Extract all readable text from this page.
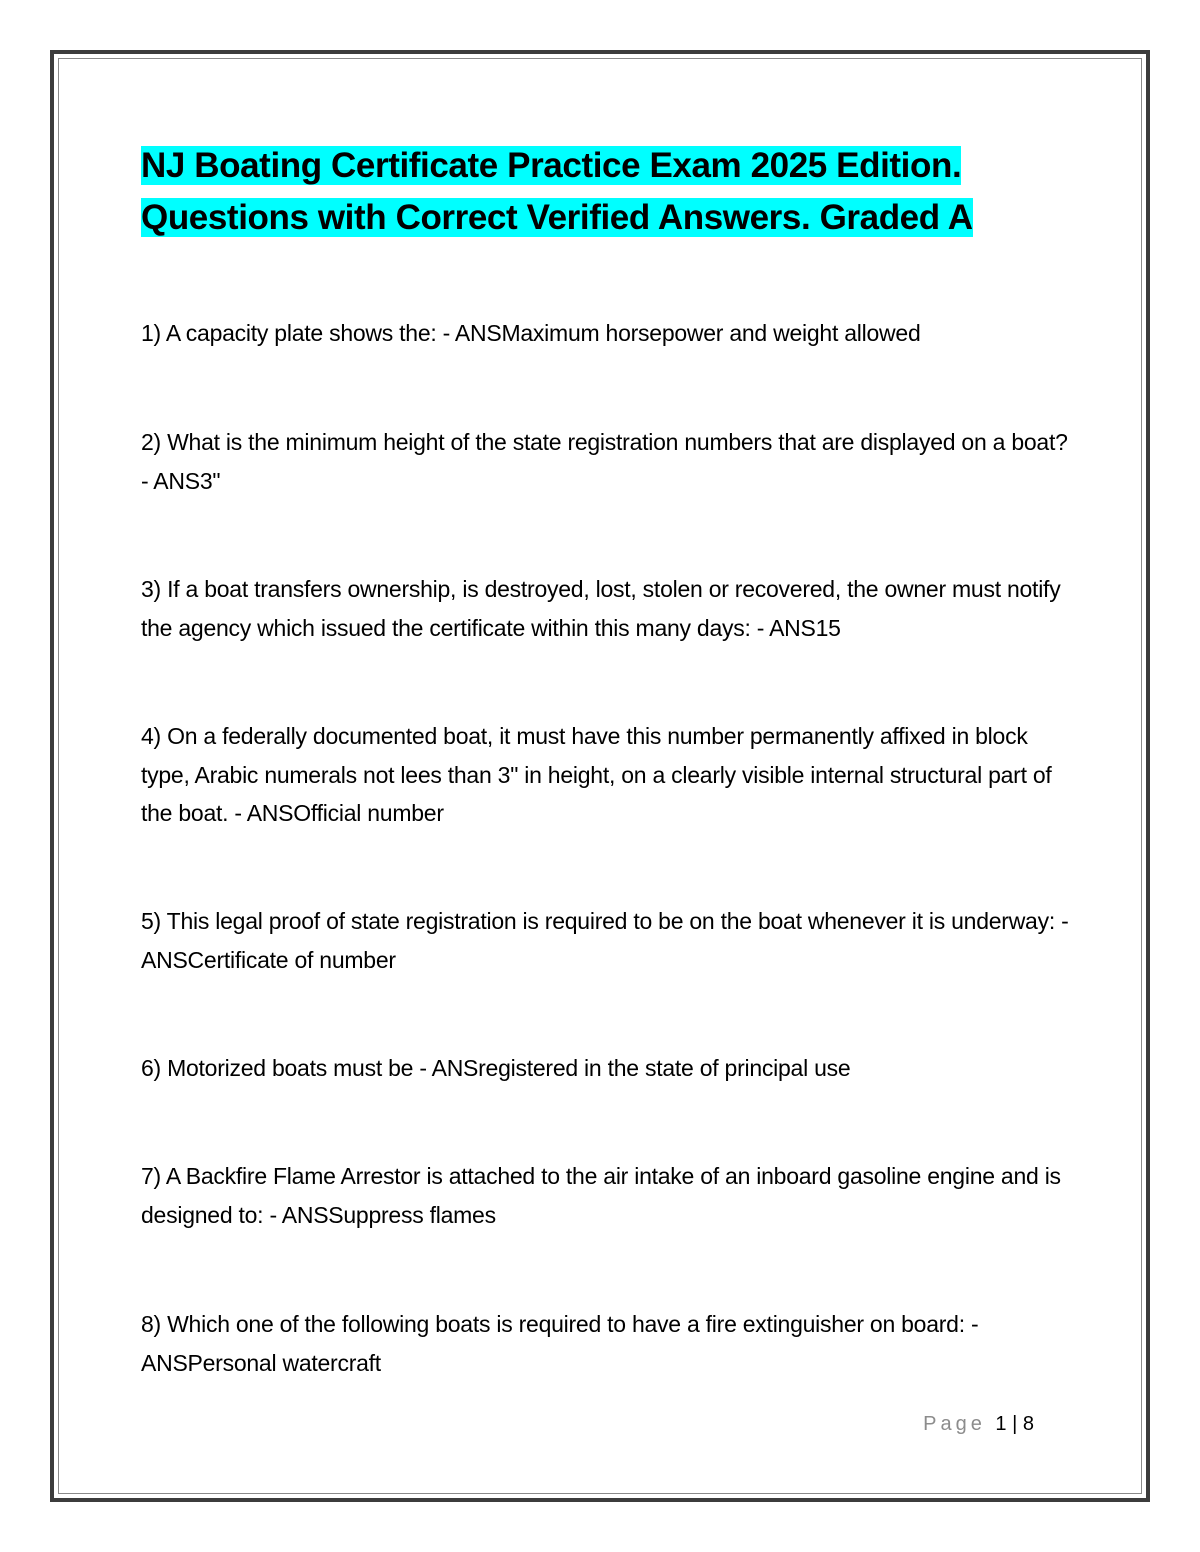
NJ Boating Certificate Practice Exam 2025 Edition.
Questions with Correct Verified Answers. Graded A
1) A capacity plate shows the: - ANSMaximum horsepower and weight allowed
2) What is the minimum height of the state registration numbers that are displayed on a boat? - ANS3"
3) If a boat transfers ownership, is destroyed, lost, stolen or recovered, the owner must notify the agency which issued the certificate within this many days: - ANS15
4) On a federally documented boat, it must have this number permanently affixed in block type, Arabic numerals not lees than 3" in height, on a clearly visible internal structural part of the boat. - ANSOfficial number
5) This legal proof of state registration is required to be on the boat whenever it is underway: - ANSCertificate of number
6) Motorized boats must be - ANSregistered in the state of principal use
7) A Backfire Flame Arrestor is attached to the air intake of an inboard gasoline engine and is designed to: - ANSSuppress flames
8) Which one of the following boats is required to have a fire extinguisher on board: - ANSPersonal watercraft
Page 1 | 8
